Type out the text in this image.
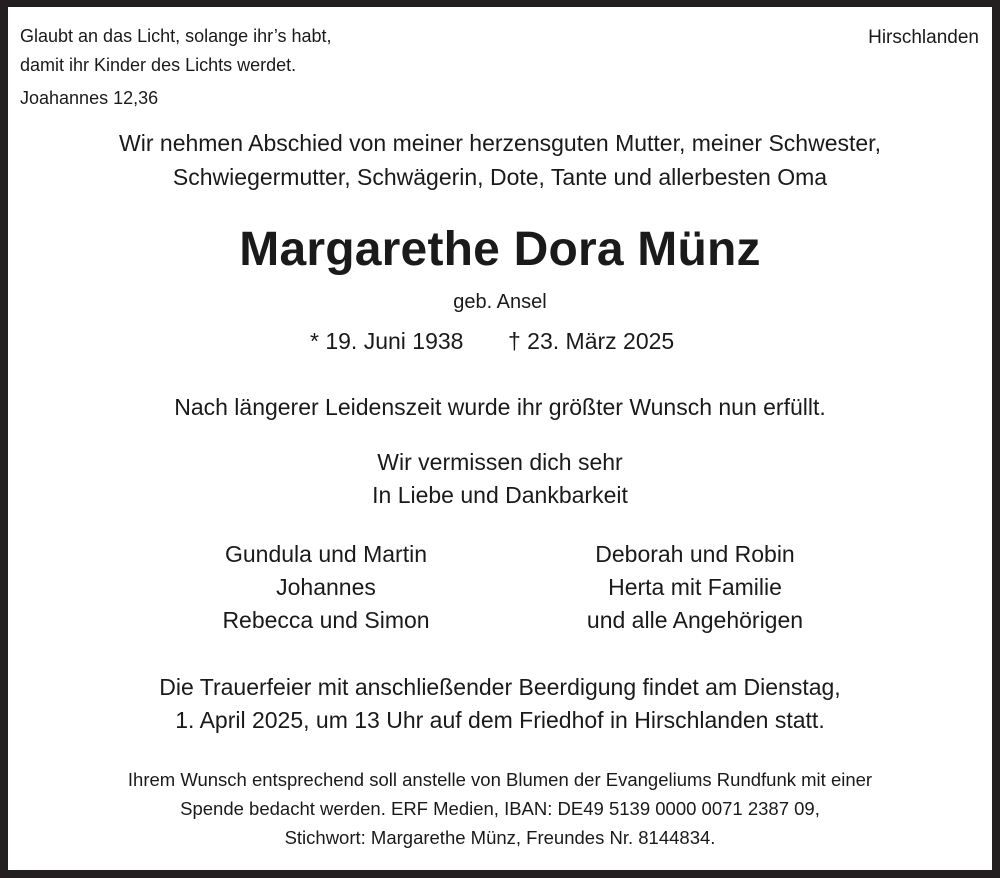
Glaubt an das Licht, solange ihr’s habt,
damit ihr Kinder des Lichts werdet.
Joahannes 12,36
Hirschlanden
Wir nehmen Abschied von meiner herzensguten Mutter, meiner Schwester,
Schwiegermutter, Schwägerin, Dote, Tante und allerbesten Oma
Margarethe Dora Münz
geb. Ansel
* 19. Juni 1938 † 23. März 2025
Nach längerer Leidenszeit wurde ihr größter Wunsch nun erfüllt.
Wir vermissen dich sehr
In Liebe und Dankbarkeit
Gundula und Martin
Johannes
Rebecca und Simon
Deborah und Robin
Herta mit Familie
und alle Angehörigen
Die Trauerfeier mit anschließender Beerdigung findet am Dienstag,
1. April 2025, um 13 Uhr auf dem Friedhof in Hirschlanden statt.
Ihrem Wunsch entsprechend soll anstelle von Blumen der Evangeliums Rundfunk mit einer
Spende bedacht werden. ERF Medien, IBAN: DE49 5139 0000 0071 2387 09,
Stichwort: Margarethe Münz, Freundes Nr. 8144834.
